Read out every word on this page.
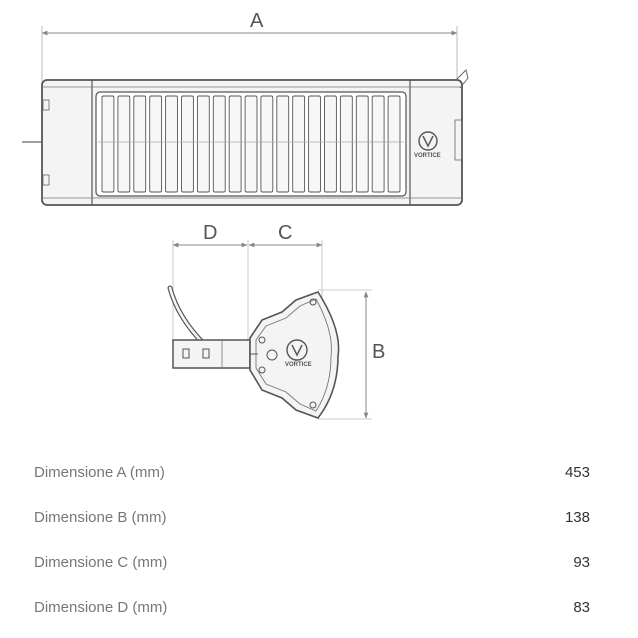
A
VORTICE
D	C
B
VORTICE
Dimensione A (mm)	453
Dimensione B (mm)	138
Dimensione C (mm)	93
Dimensione D (mm)	83
